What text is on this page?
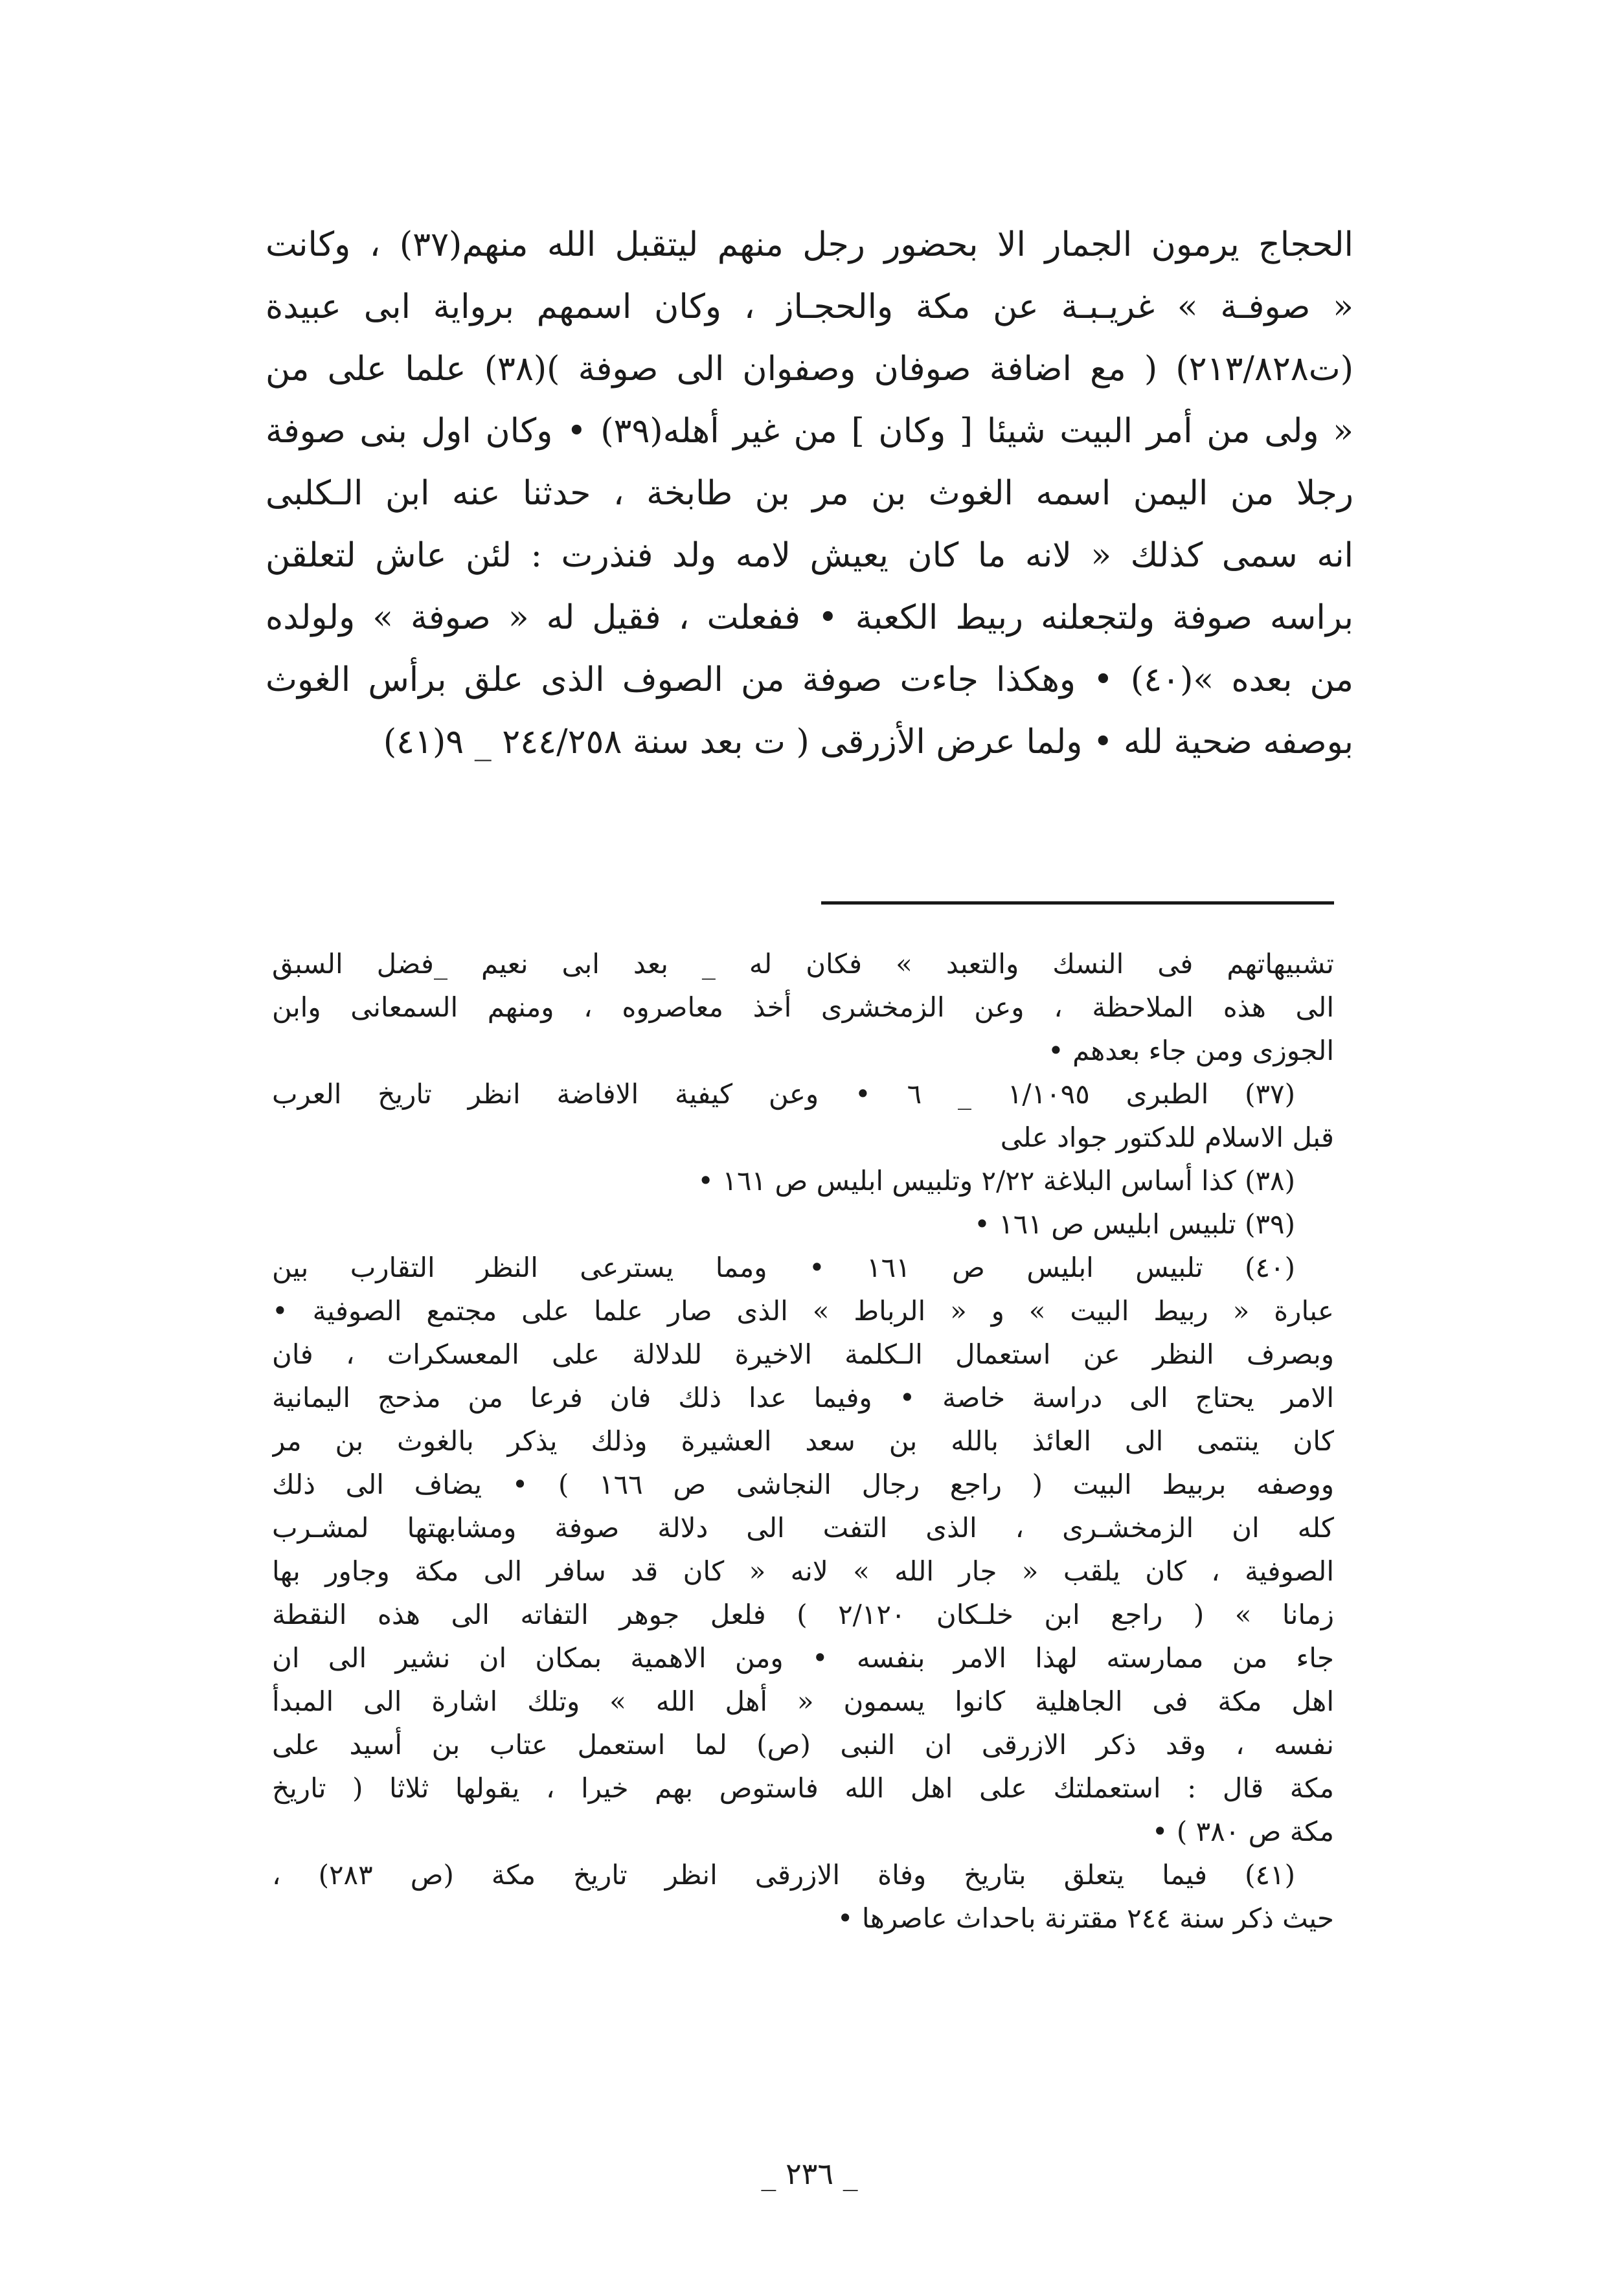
الحجاج يرمون الجمار الا بحضور رجل منهم ليتقبل الله منهم(٣٧) ، وكانت
« صوفـة » غريـبـة عن مكة والحجـاز ، وكان اسمهم برواية ابى عبيدة
(ت٢١٣/٨٢٨) ( مع اضافة صوفان وصفوان الى صوفة )(٣٨) علما على من
« ولى من أمر البيت شيئا [ وكان ] من غير أهله(٣٩) • وكان اول بنى صوفة
رجلا من اليمن اسمه الغوث بن مر بن طابخة ، حدثنا عنه ابن الـكلبى
انه سمى كذلك « لانه ما كان يعيش لامه ولد فنذرت : لئن عاش لتعلقن
براسه صوفة ولتجعلنه ربيط الكعبة • ففعلت ، فقيل له « صوفة » ولولده
من بعده »(٤٠) • وهكذا جاءت صوفة من الصوف الذى علق برأس الغوث
بوصفه ضحية لله • ولما عرض الأزرقى ( ت بعد سنة ٢٤٤/٢٥٨ _ ٩(٤١)
تشبيهاتهم فى النسك والتعبد » فكان له _ بعد ابى نعيم _فضل السبق
الى هذه الملاحظة ، وعن الزمخشرى أخذ معاصروه ، ومنهم السمعانى وابن
الجوزى ومن جاء بعدهم •
(٣٧) الطبرى ١/١٠٩٥ _ ٦ • وعن كيفية الافاضة انظر تاريخ العرب
قبل الاسلام للدكتور جواد على
(٣٨) كذا أساس البلاغة ٢/٢٢ وتلبيس ابليس ص ١٦١ •
(٣٩) تلبيس ابليس ص ١٦١ •
(٤٠) تلبيس ابليس ص ١٦١ • ومما يسترعى النظر التقارب بين
عبارة « ربيط البيت » و « الرباط » الذى صار علما على مجتمع الصوفية •
وبصرف النظر عن استعمال الـكلمة الاخيرة للدلالة على المعسكرات ، فان
الامر يحتاج الى دراسة خاصة • وفيما عدا ذلك فان فرعا من مذحج اليمانية
كان ينتمى الى العائذ بالله بن سعد العشيرة وذلك يذكر بالغوث بن مر
ووصفه بربيط البيت ( راجع رجال النجاشى ص ١٦٦ ) • يضاف الى ذلك
كله ان الزمخشـرى ، الذى التفت الى دلالة صوفة ومشابهتها لمشـرب
الصوفية ، كان يلقب « جار الله » لانه « كان قد سافر الى مكة وجاور بها
زمانا » ( راجع ابن خلـكان ٢/١٢٠ ) فلعل جوهر التفاته الى هذه النقطة
جاء من ممارسته لهذا الامر بنفسه • ومن الاهمية بمكان ان نشير الى ان
اهل مكة فى الجاهلية كانوا يسمون « أهل الله » وتلك اشارة الى المبدأ
نفسه ، وقد ذكر الازرقى ان النبى (ص) لما استعمل عتاب بن أسيد على
مكة قال : استعملتك على اهل الله فاستوص بهم خيرا ، يقولها ثلاثا ( تاريخ
مكة ص ٣٨٠ ) •
(٤١) فيما يتعلق بتاريخ وفاة الازرقى انظر تاريخ مكة (ص ٢٨٣) ،
حيث ذكر سنة ٢٤٤ مقترنة باحداث عاصرها •
_ ٢٣٦ _
